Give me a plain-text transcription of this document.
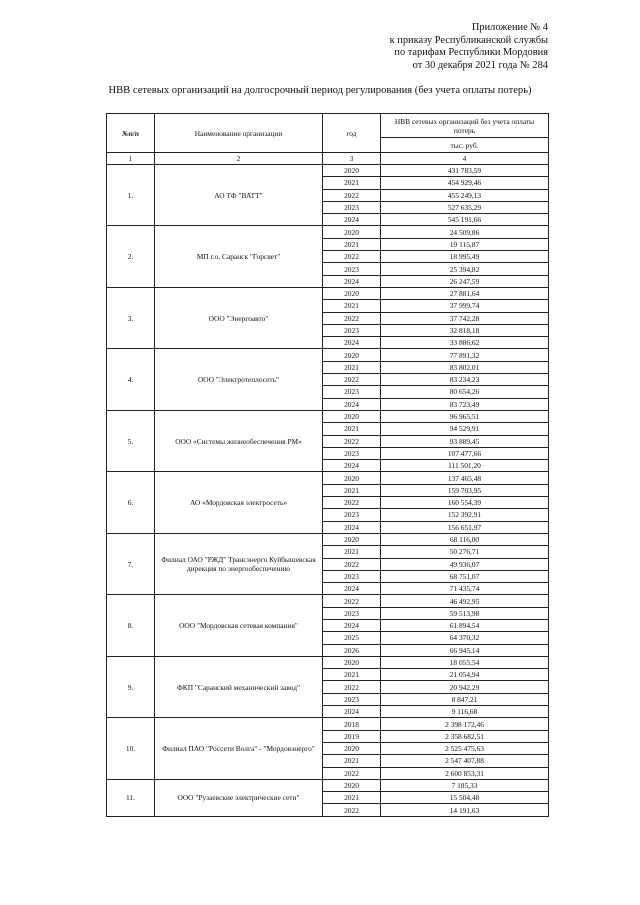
Приложение № 4
к приказу Республиканской службы
по тарифам Республики Мордовия
от 30 декабря 2021 года № 284
НВВ сетевых организаций на долгосрочный период регулирования (без учета оплаты потерь)
№п/п	Наименование организации	год	НВВ сетевых организаций без учета оплаты потерь
			тыс. руб.
1	2	3	4
1.	АО ТФ "ВАТТ"	2020	431 783,59
		2021	454 929,46
		2022	455 249,13
		2023	527 635,29
		2024	545 191,66
2.	МП г.о. Саранск "Горсвет"	2020	24 509,86
		2021	19 115,87
		2022	18 995,49
		2023	25 394,82
		2024	26 247,59
3.	ООО "Энергоавто"	2020	27 881,64
		2021	37 999,74
		2022	37 742,28
		2023	32 818,18
		2024	33 886,62
4.	ООО "Электротеплосеть"	2020	77 891,32
		2021	83 802,01
		2022	83 234,23
		2023	80 654,26
		2024	83 723,49
5.	ООО «Системы жизнеобеспечения РМ»	2020	96 965,51
		2021	94 529,91
		2022	93 889,45
		2023	107 477,66
		2024	111 501,20
6.	АО «Мордовская электросеть»	2020	137 465,48
		2021	159 703,95
		2022	160 554,39
		2023	152 392,91
		2024	156 651,97
7.	Филиал ОАО "РЖД" Трансэнерго Куйбышевская дирекция по энергообеспечению	2020	68 116,00
		2021	50 276,71
		2022	49 936,07
		2023	68 751,07
		2024	71 435,74
8.	ООО "Мордовская сетевая компания"	2022	46 492,95
		2023	59 513,98
		2024	61 894,54
		2025	64 370,32
		2026	66 945,14
9.	ФКП "Саранский механический завод"	2020	18 055,54
		2021	21 054,94
		2022	20 942,29
		2023	8 847,21
		2024	9 116,68
10.	Филиал ПАО "Россети Волга" - "Мордовэнерго"	2018	2 398 172,46
		2019	2 358 682,51
		2020	2 525 475,63
		2021	2 547 407,88
		2022	2 600 853,31
11.	ООО "Рузаевские электрические сети"	2020	7 185,33
		2021	15 504,48
		2022	14 191,63
